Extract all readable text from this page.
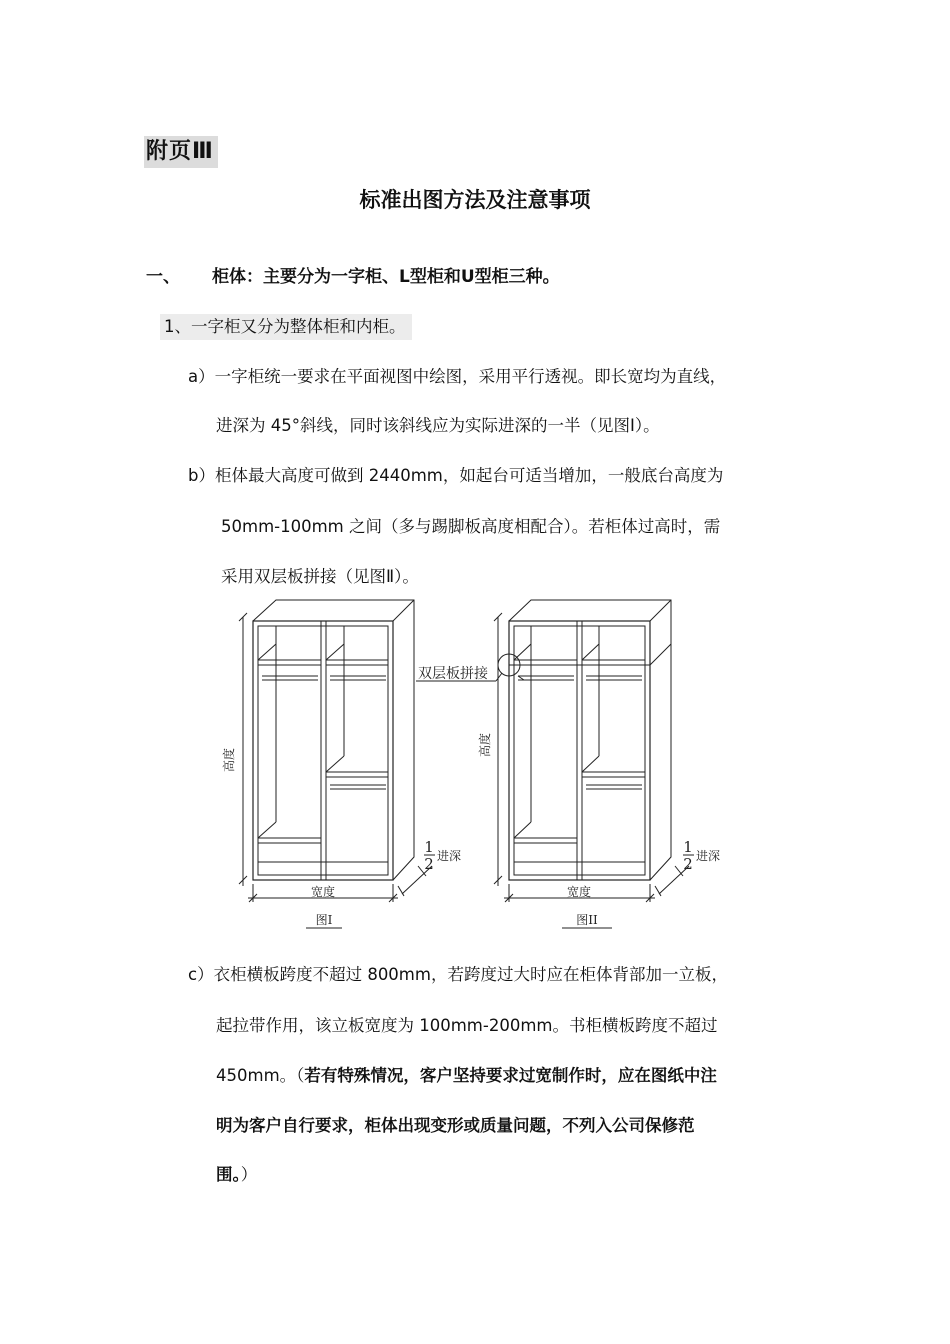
附页Ⅲ
标准出图方法及注意事项
一、 柜体：主要分为一字柜、L型柜和U型柜三种。
1、一字柜又分为整体柜和内柜。
a）一字柜统一要求在平面视图中绘图，采用平行透视。即长宽均为直线，
进深为 45°斜线，同时该斜线应为实际进深的一半（见图Ⅰ）。
b）柜体最大高度可做到 2440mm，如起台可适当增加，一般底台高度为
50mm-100mm 之间（多与踢脚板高度相配合）。若柜体过高时，需
采用双层板拼接（见图Ⅱ）。
高度
宽度
1
2 进深
图Ⅰ
高度
宽度
1
2 进深
双层板拼接
图ⅠⅠ
c）衣柜横板跨度不超过 800mm，若跨度过大时应在柜体背部加一立板，
起拉带作用，该立板宽度为 100mm-200mm。书柜横板跨度不超过
450mm。（若有特殊情况，客户坚持要求过宽制作时，应在图纸中注
明为客户自行要求，柜体出现变形或质量问题，不列入公司保修范
围。）
